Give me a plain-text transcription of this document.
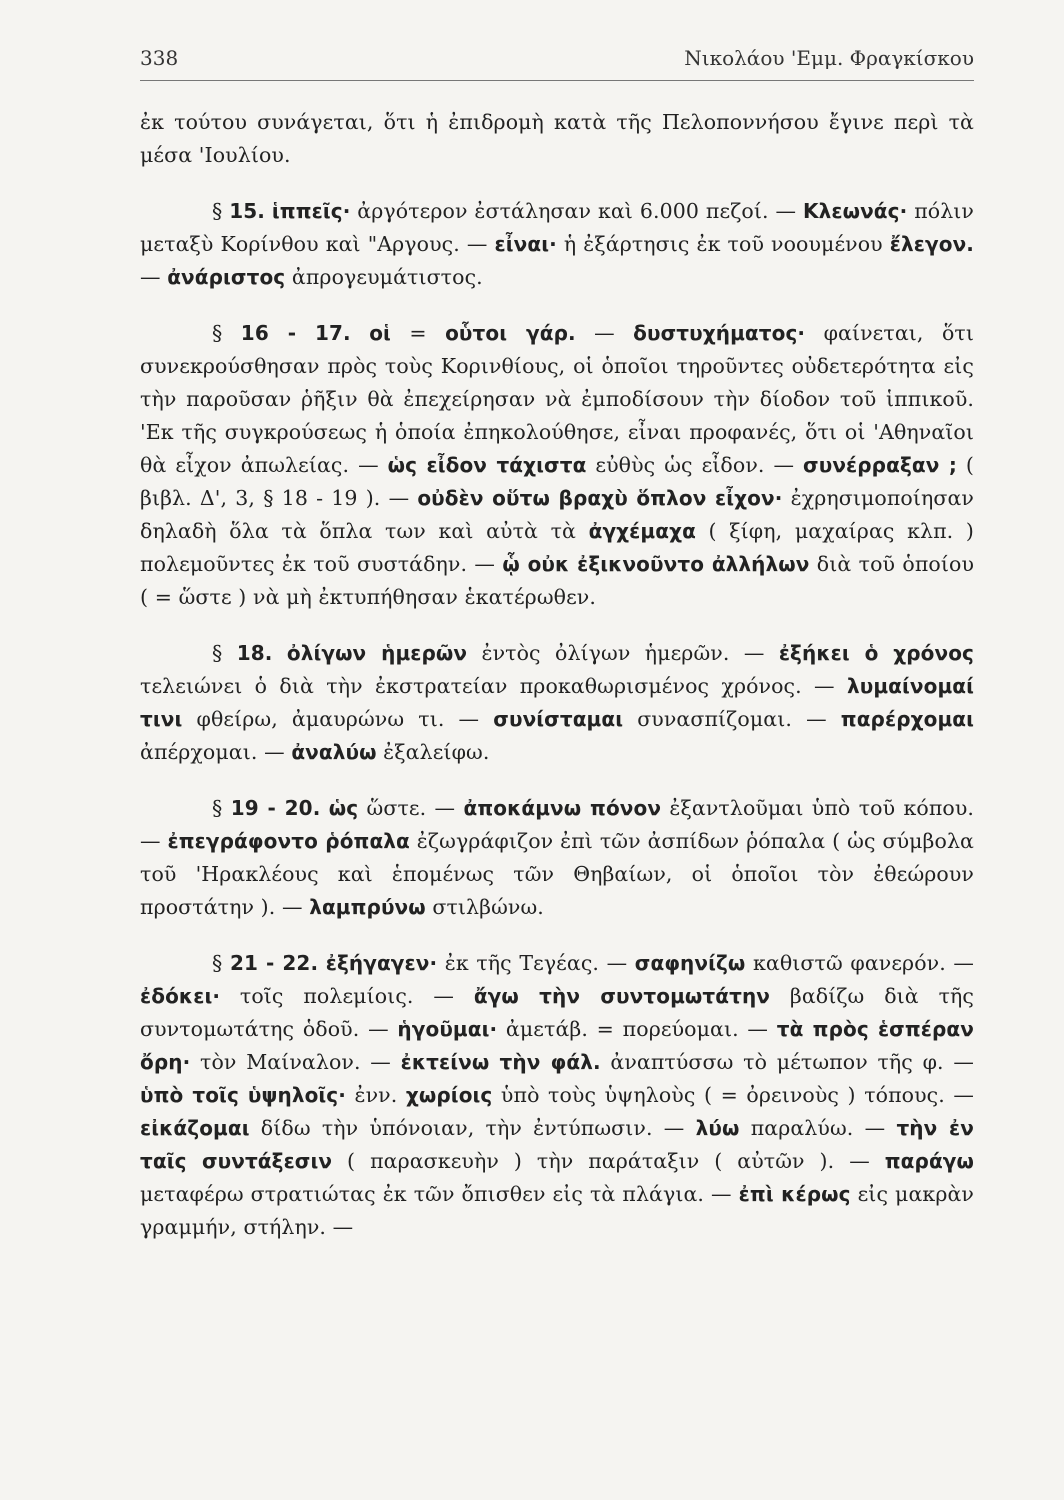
338	Νικολάου 'Εμμ. Φραγκίσκου

ἐκ τούτου συνάγεται, ὅτι ἡ ἐπιδρομὴ κατὰ τῆς Πελοποννήσου ἔγινε περὶ τὰ μέσα 'Ιουλίου.

§ 15. ἱππεῖς· ἀργότερον ἐστάλησαν καὶ 6.000 πεζοί. — Κλεωνάς· πόλιν μεταξὺ Κορίνθου καὶ "Αργους. — εἶναι· ἡ ἐξάρτησις ἐκ τοῦ νοουμένου ἔλεγον. — ἀνάριστος ἀπρογευμάτιστος.

§ 16 - 17. οἱ = οὗτοι γάρ. — δυστυχήματος· φαίνεται, ὅτι συνεκρούσθησαν πρὸς τοὺς Κορινθίους, οἱ ὁποῖοι τηροῦντες οὐδετερότητα εἰς τὴν παροῦσαν ῥῆξιν θὰ ἐπεχείρησαν νὰ ἐμποδίσουν τὴν δίοδον τοῦ ἱππικοῦ. 'Εκ τῆς συγκρούσεως ἡ ὁποία ἐπηκολούθησε, εἶναι προφανές, ὅτι οἱ 'Αθηναῖοι θὰ εἶχον ἀπωλείας. — ὡς εἶδον τάχιστα εὐθὺς ὡς εἶδον. — συνέρραξαν ; ( βιβλ. Δ', 3, § 18 - 19 ). — οὐδὲν οὕτω βραχὺ ὅπλον εἶχον· ἐχρησιμοποίησαν δηλαδὴ ὅλα τὰ ὅπλα των καὶ αὐτὰ τὰ ἀγχέμαχα ( ξίφη, μαχαίρας κλπ. ) πολεμοῦντες ἐκ τοῦ συστάδην. — ᾧ οὐκ ἐξικνοῦντο ἀλλήλων διὰ τοῦ ὁποίου ( = ὥστε ) νὰ μὴ ἐκτυπήθησαν ἑκατέρωθεν.

§ 18. ὀλίγων ἡμερῶν ἐντὸς ὀλίγων ἡμερῶν. — ἐξήκει ὁ χρόνος τελειώνει ὁ διὰ τὴν ἐκστρατείαν προκαθωρισμένος χρόνος. — λυμαίνομαί τινι φθείρω, ἀμαυρώνω τι. — συνίσταμαι συνασπίζομαι. — παρέρχομαι ἀπέρχομαι. — ἀναλύω ἐξαλείφω.

§ 19 - 20. ὡς ὥστε. — ἀποκάμνω πόνον ἐξαντλοῦμαι ὑπὸ τοῦ κόπου. — ἐπεγράφοντο ῥόπαλα ἐζωγράφιζον ἐπὶ τῶν ἀσπίδων ῥόπαλα ( ὡς σύμβολα τοῦ 'Ηρακλέους καὶ ἑπομένως τῶν Θηβαίων, οἱ ὁποῖοι τὸν ἐθεώρουν προστάτην ). — λαμπρύνω στιλβώνω.

§ 21 - 22. ἐξήγαγεν· ἐκ τῆς Τεγέας. — σαφηνίζω καθιστῶ φανερόν. — ἐδόκει· τοῖς πολεμίοις. — ἄγω τὴν συντομωτάτην βαδίζω διὰ τῆς συντομωτάτης ὁδοῦ. — ἡγοῦμαι· ἀμετάβ. = πορεύομαι. — τὰ πρὸς ἑσπέραν ὄρη· τὸν Μαίναλον. — ἐκτείνω τὴν φάλ. ἀναπτύσσω τὸ μέτωπον τῆς φ. — ὑπὸ τοῖς ὑψηλοῖς· ἐνν. χωρίοις ὑπὸ τοὺς ὑψηλοὺς ( = ὀρεινοὺς ) τόπους. — εἰκάζομαι δίδω τὴν ὑπόνοιαν, τὴν ἐντύπωσιν. — λύω παραλύω. — τὴν ἐν ταῖς συντάξεσιν ( παρασκευὴν ) τὴν παράταξιν ( αὐτῶν ). — παράγω μεταφέρω στρατιώτας ἐκ τῶν ὄπισθεν εἰς τὰ πλάγια. — ἐπὶ κέρως εἰς μακρὰν γραμμήν, στήλην. —
